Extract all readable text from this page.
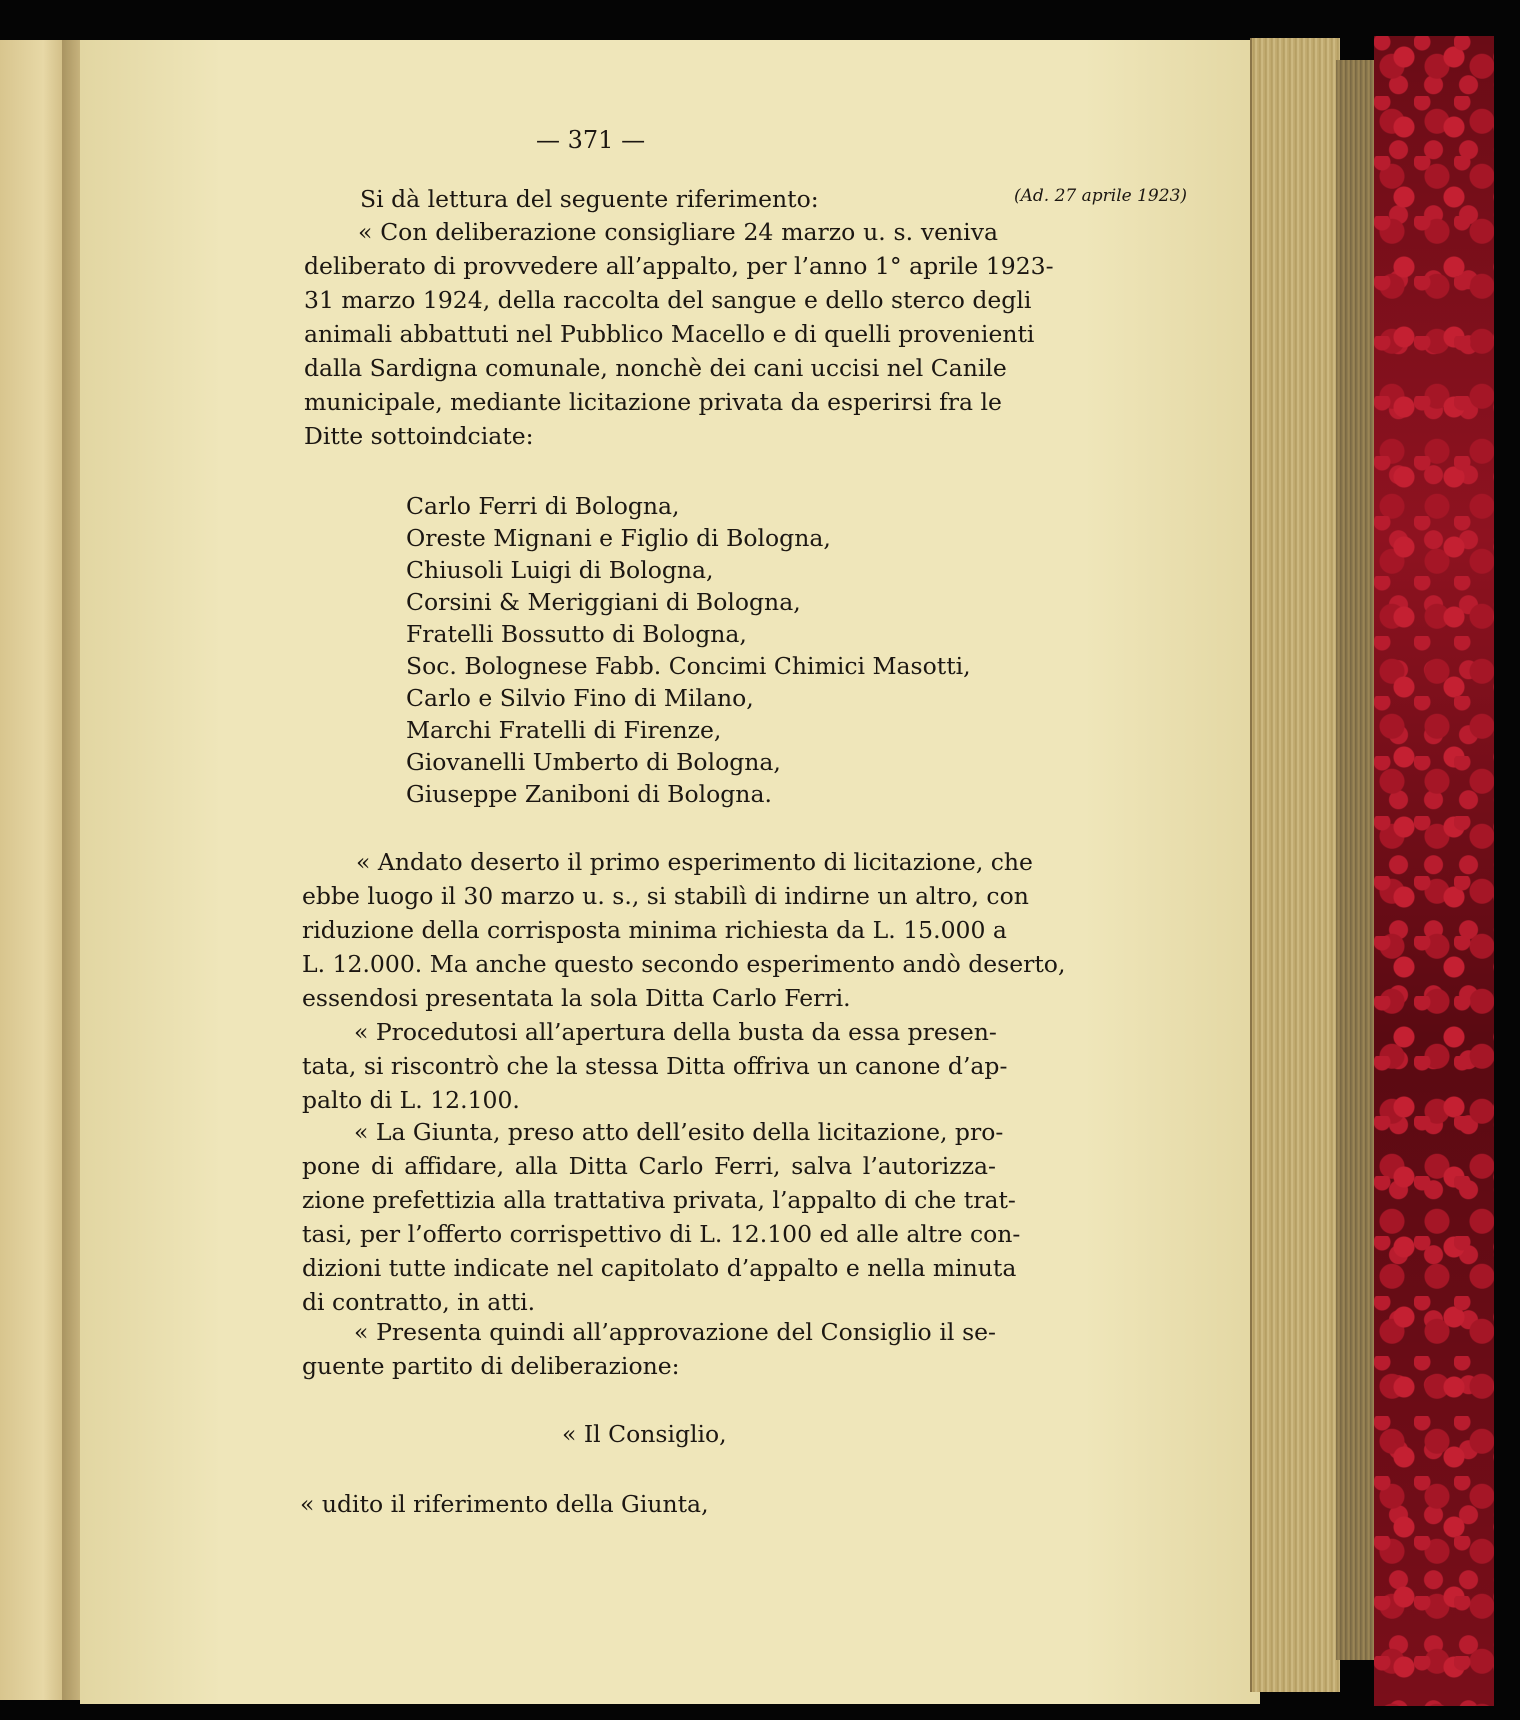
— 371 —
(Ad. 27 aprile 1923)
Si dà lettura del seguente riferimento:
« Con deliberazione consigliare 24 marzo u. s. veniva
deliberato di provvedere all’appalto, per l’anno 1° aprile 1923-
31 marzo 1924, della raccolta del sangue e dello sterco degli
animali abbattuti nel Pubblico Macello e di quelli provenienti
dalla Sardigna comunale, nonchè dei cani uccisi nel Canile
municipale, mediante licitazione privata da esperirsi fra le
Ditte sottoindciate:
Carlo Ferri di Bologna,
Oreste Mignani e Figlio di Bologna,
Chiusoli Luigi di Bologna,
Corsini & Meriggiani di Bologna,
Fratelli Bossutto di Bologna,
Soc. Bolognese Fabb. Concimi Chimici Masotti,
Carlo e Silvio Fino di Milano,
Marchi Fratelli di Firenze,
Giovanelli Umberto di Bologna,
Giuseppe Zaniboni di Bologna.
« Andato deserto il primo esperimento di licitazione, che
ebbe luogo il 30 marzo u. s., si stabilì di indirne un altro, con
riduzione della corrisposta minima richiesta da L. 15.000 a
L. 12.000. Ma anche questo secondo esperimento andò deserto,
essendosi presentata la sola Ditta Carlo Ferri.
« Procedutosi all’apertura della busta da essa presen-
tata, si riscontrò che la stessa Ditta offriva un canone d’ap-
palto di L. 12.100.
« La Giunta, preso atto dell’esito della licitazione, pro-
pone di affidare, alla Ditta Carlo Ferri, salva l’autorizza-
zione prefettizia alla trattativa privata, l’appalto di che trat-
tasi, per l’offerto corrispettivo di L. 12.100 ed alle altre con-
dizioni tutte indicate nel capitolato d’appalto e nella minuta
di contratto, in atti.
« Presenta quindi all’approvazione del Consiglio il se-
guente partito di deliberazione:
« Il Consiglio,
« udito il riferimento della Giunta,
